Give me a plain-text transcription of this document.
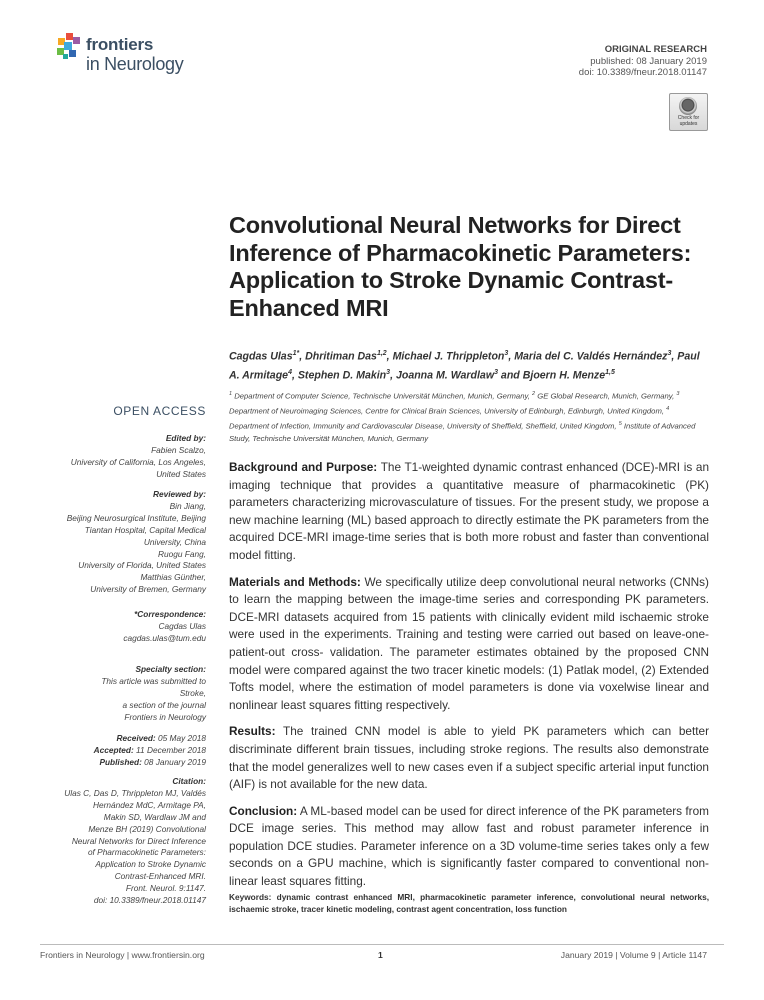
frontiers
in Neurology
ORIGINAL RESEARCH
published: 08 January 2019
doi: 10.3389/fneur.2018.01147
Check for
updates
Convolutional Neural Networks for Direct Inference of Pharmacokinetic Parameters: Application to Stroke Dynamic Contrast-Enhanced MRI
Cagdas Ulas$^{1*}$, Dhritiman Das$^{1,2}$, Michael J. Thrippleton$^3$, Maria del C. Valdés Hernández$^3$, Paul A. Armitage$^4$, Stephen D. Makin$^3$, Joanna M. Wardlaw$^3$ and Bjoern H. Menze$^{1,5}$
$^1$ Department of Computer Science, Technische Universität München, Munich, Germany, $^2$ GE Global Research, Munich, Germany, $^3$ Department of Neuroimaging Sciences, Centre for Clinical Brain Sciences, University of Edinburgh, Edinburgh, United Kingdom, $^4$ Department of Infection, Immunity and Cardiovascular Disease, University of Sheffield, Sheffield, United Kingdom, $^5$ Institute of Advanced Study, Technische Universität München, Munich, Germany
OPEN ACCESS
Edited by:
Fabien Scalzo,
University of California, Los Angeles,
United States
Reviewed by:
Bin Jiang,
Beijing Neurosurgical Institute, Beijing
Tiantan Hospital, Capital Medical
University, China
Ruogu Fang,
University of Florida, United States
Matthias Günther,
University of Bremen, Germany
*Correspondence:
Cagdas Ulas
cagdas.ulas@tum.edu
Specialty section:
This article was submitted to
Stroke,
a section of the journal
Frontiers in Neurology
Received: 05 May 2018
Accepted: 11 December 2018
Published: 08 January 2019
Citation:
Ulas C, Das D, Thrippleton MJ, Valdés
Hernández MdC, Armitage PA,
Makin SD, Wardlaw JM and
Menze BH (2019) Convolutional
Neural Networks for Direct Inference
of Pharmacokinetic Parameters:
Application to Stroke Dynamic
Contrast-Enhanced MRI.
Front. Neurol. 9:1147.
doi: 10.3389/fneur.2018.01147

Background and Purpose: The T1-weighted dynamic contrast enhanced (DCE)-MRI is an imaging technique that provides a quantitative measure of pharmacokinetic (PK) parameters characterizing microvasculature of tissues. For the present study, we propose a new machine learning (ML) based approach to directly estimate the PK parameters from the acquired DCE-MRI image-time series that is both more robust and faster than conventional model fitting.

Materials and Methods: We specifically utilize deep convolutional neural networks (CNNs) to learn the mapping between the image-time series and corresponding PK parameters. DCE-MRI datasets acquired from 15 patients with clinically evident mild ischaemic stroke were used in the experiments. Training and testing were carried out based on leave-one-patient-out cross- validation. The parameter estimates obtained by the proposed CNN model were compared against the two tracer kinetic models: (1) Patlak model, (2) Extended Tofts model, where the estimation of model parameters is done via voxelwise linear and nonlinear least squares fitting respectively.

Results: The trained CNN model is able to yield PK parameters which can better discriminate different brain tissues, including stroke regions. The results also demonstrate that the model generalizes well to new cases even if a subject specific arterial input function (AIF) is not available for the new data.

Conclusion: A ML-based model can be used for direct inference of the PK parameters from DCE image series. This method may allow fast and robust parameter inference in population DCE studies. Parameter inference on a 3D volume-time series takes only a few seconds on a GPU machine, which is significantly faster compared to conventional non-linear least squares fitting.

Keywords: dynamic contrast enhanced MRI, pharmacokinetic parameter inference, convolutional neural networks, ischaemic stroke, tracer kinetic modeling, contrast agent concentration, loss function
Frontiers in Neurology | www.frontiersin.org	1	January 2019 | Volume 9 | Article 1147
